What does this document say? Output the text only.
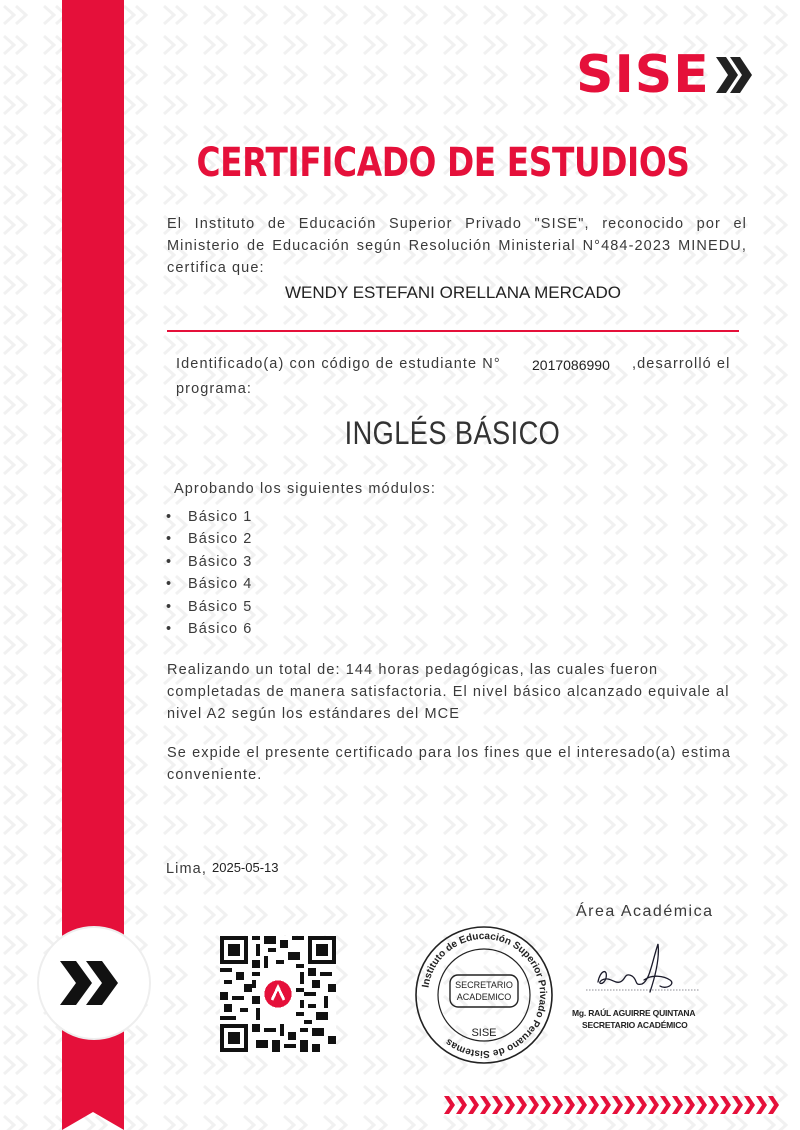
SISE
CERTIFICADO DE ESTUDIOS
El Instituto de Educación Superior Privado "SISE", reconocido por el Ministerio de Educación según Resolución Ministerial N°484-2023 MINEDU, certifica que:
WENDY ESTEFANI ORELLANA MERCADO
Identificado(a) con código de estudiante N° 2017086990 ,desarrolló el
programa:
INGLÉS BÁSICO
Aprobando los siguientes módulos:
• Básico 1
• Básico 2
• Básico 3
• Básico 4
• Básico 5
• Básico 6
Realizando un total de: 144 horas pedagógicas, las cuales fueron completadas de manera satisfactoria. El nivel básico alcanzado equivale al nivel A2 según los estándares del MCE
Se expide el presente certificado para los fines que el interesado(a) estima conveniente.
Lima, 2025-05-13
Área Académica
Instituto de Educación Superior Privado Peruano de Sistemas
SECRETARIO
ACADEMICO
SISE
Mg. RAÚL AGUIRRE QUINTANA
SECRETARIO ACADÉMICO
